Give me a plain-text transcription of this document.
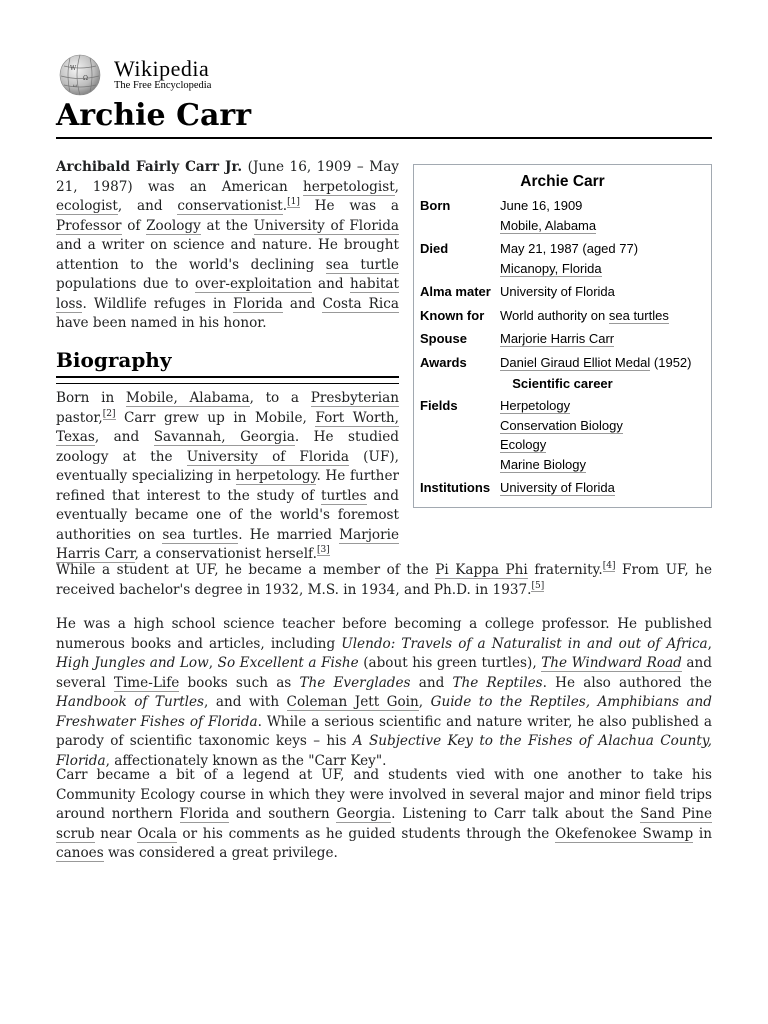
W
Ω
ω
Wikipedia
The Free Encyclopedia
Archie Carr

Archibald Fairly Carr Jr. (June 16, 1909 – May 21, 1987) was an American herpetologist, ecologist, and conservationist.[1] He was a Professor of Zoology at the University of Florida and a writer on science and nature. He brought attention to the world's declining sea turtle populations due to over-exploitation and habitat loss. Wildlife refuges in Florida and Costa Rica have been named in his honor.

Biography

Born in Mobile, Alabama, to a Presbyterian pastor,[2] Carr grew up in Mobile, Fort Worth, Texas, and Savannah, Georgia. He studied zoology at the University of Florida (UF), eventually specializing in herpetology. He further refined that interest to the study of turtles and eventually became one of the world's foremost authorities on sea turtles. He married Marjorie Harris Carr, a conservationist herself.[3]

While a student at UF, he became a member of the Pi Kappa Phi fraternity.[4] From UF, he received bachelor's degree in 1932, M.S. in 1934, and Ph.D. in 1937.[5]

He was a high school science teacher before becoming a college professor. He published numerous books and articles, including Ulendo: Travels of a Naturalist in and out of Africa, High Jungles and Low, So Excellent a Fishe (about his green turtles), The Windward Road and several Time-Life books such as The Everglades and The Reptiles. He also authored the Handbook of Turtles, and with Coleman Jett Goin, Guide to the Reptiles, Amphibians and Freshwater Fishes of Florida. While a serious scientific and nature writer, he also published a parody of scientific taxonomic keys – his A Subjective Key to the Fishes of Alachua County, Florida, affectionately known as the "Carr Key".

Carr became a bit of a legend at UF, and students vied with one another to take his Community Ecology course in which they were involved in several major and minor field trips around northern Florida and southern Georgia. Listening to Carr talk about the Sand Pine scrub near Ocala or his comments as he guided students through the Okefenokee Swamp in canoes was considered a great privilege.

Archie Carr
Born	June 16, 1909
Mobile, Alabama
Died	May 21, 1987 (aged 77)
Micanopy, Florida
Alma mater University of Florida
Known for	World authority on sea turtles
Spouse	Marjorie Harris Carr
Awards	Daniel Giraud Elliot Medal (1952)
Scientific career
Fields	Herpetology
Conservation Biology
Ecology
Marine Biology
Institutions University of Florida
